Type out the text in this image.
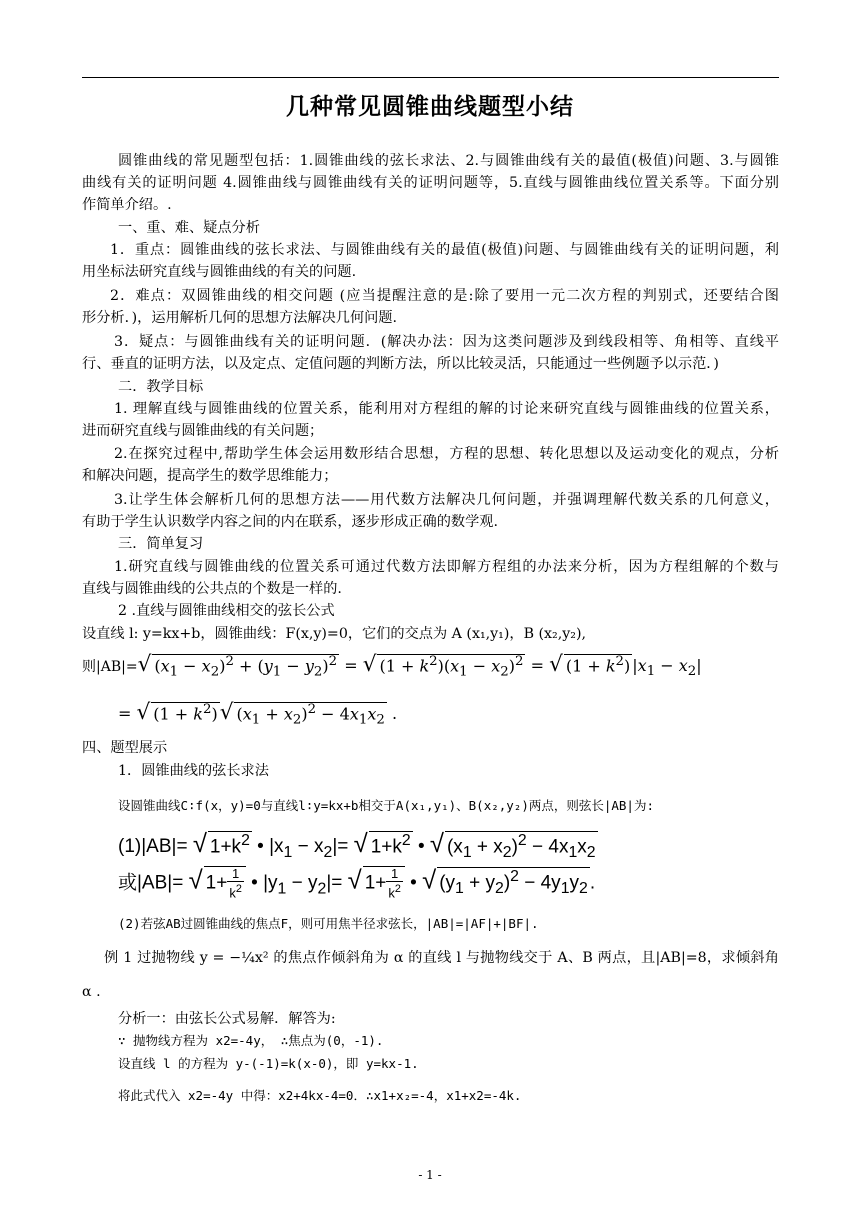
几种常见圆锥曲线题型小结
圆锥曲线的常见题型包括：1.圆锥曲线的弦长求法、2.与圆锥曲线有关的最值(极值)问题、3.与圆锥
曲线有关的证明问题 4.圆锥曲线与圆锥曲线有关的证明问题等，5.直线与圆锥曲线位置关系等。下面分别
作简单介绍。.
一、重、难、疑点分析
1．重点：圆锥曲线的弦长求法、与圆锥曲线有关的最值(极值)问题、与圆锥曲线有关的证明问题，利
用坐标法研究直线与圆锥曲线的有关的问题.
2．难点：双圆锥曲线的相交问题 (应当提醒注意的是:除了要用一元二次方程的判别式，还要结合图
形分析．)，运用解析几何的思想方法解决几何问题.
3．疑点：与圆锥曲线有关的证明问题．(解决办法：因为这类问题涉及到线段相等、角相等、直线平
行、垂直的证明方法，以及定点、定值问题的判断方法，所以比较灵活，只能通过一些例题予以示范．)
二．教学目标
1. 理解直线与圆锥曲线的位置关系，能利用对方程组的解的讨论来研究直线与圆锥曲线的位置关系，
进而研究直线与圆锥曲线的有关问题；
2.在探究过程中,帮助学生体会运用数形结合思想，方程的思想、转化思想以及运动变化的观点，分析
和解决问题，提高学生的数学思维能力；
3.让学生体会解析几何的思想方法——用代数方法解决几何问题，并强调理解代数关系的几何意义，
有助于学生认识数学内容之间的内在联系，逐步形成正确的数学观.
三．简单复习
1.研究直线与圆锥曲线的位置关系可通过代数方法即解方程组的办法来分析，因为方程组解的个数与
直线与圆锥曲线的公共点的个数是一样的.
2 .直线与圆锥曲线相交的弦长公式
设直线 l: y=kx+b，圆锥曲线：F(x,y)=0，它们的交点为 A (x₁,y₁)，B (x₂,y₂),
则|AB|=√ $(x_1 - x_2)^2 + (y_1 - y_2)^2$ = √ $(1 + k^2)(x_1 - x_2)^2$ = √ $(1 + k^2)$ $|x_1 - x_2|$
= √ $(1 + k^2)√$ $(x_1 + x_2)^2 - 4x_1x_2$ .
四、题型展示
1．圆锥曲线的弦长求法
设圆锥曲线C∶f(x，y)=0与直线l∶y=kx+b相交于A(x₁,y₁)、B(x₂,y₂)两点，则弦长|AB|为:
(1)|AB|= √ $1+k^2$ • $|x_1 - x_2|=$ √ $1+k^2$ • √ $(x_1 + x_2)^2 - 4x_1x_2$
或|AB|= √ $1+ \frac{1}{k^2}$ • $|y_1 - y_2|=$ √ $1+ \frac{1}{k^2}$ • √ $(y_1 + y_2)^2 - 4y_1y_2$ .
(2)若弦AB过圆锥曲线的焦点F，则可用焦半径求弦长，|AB|=|AF|+|BF|.
例 1 过抛物线 y = −¼x² 的焦点作倾斜角为 α 的直线 l 与抛物线交于 A、B 两点，且|AB|=8，求倾斜角
α .
分析一：由弦长公式易解．解答为:
∵ 抛物线方程为 x2=-4y， ∴焦点为(0，-1).
设直线 l 的方程为 y-(-1)=k(x-0)，即 y=kx-1.
将此式代入 x2=-4y 中得：x2+4kx-4=0．∴x1+x₂=-4，x1+x2=-4k.
- 1 -
